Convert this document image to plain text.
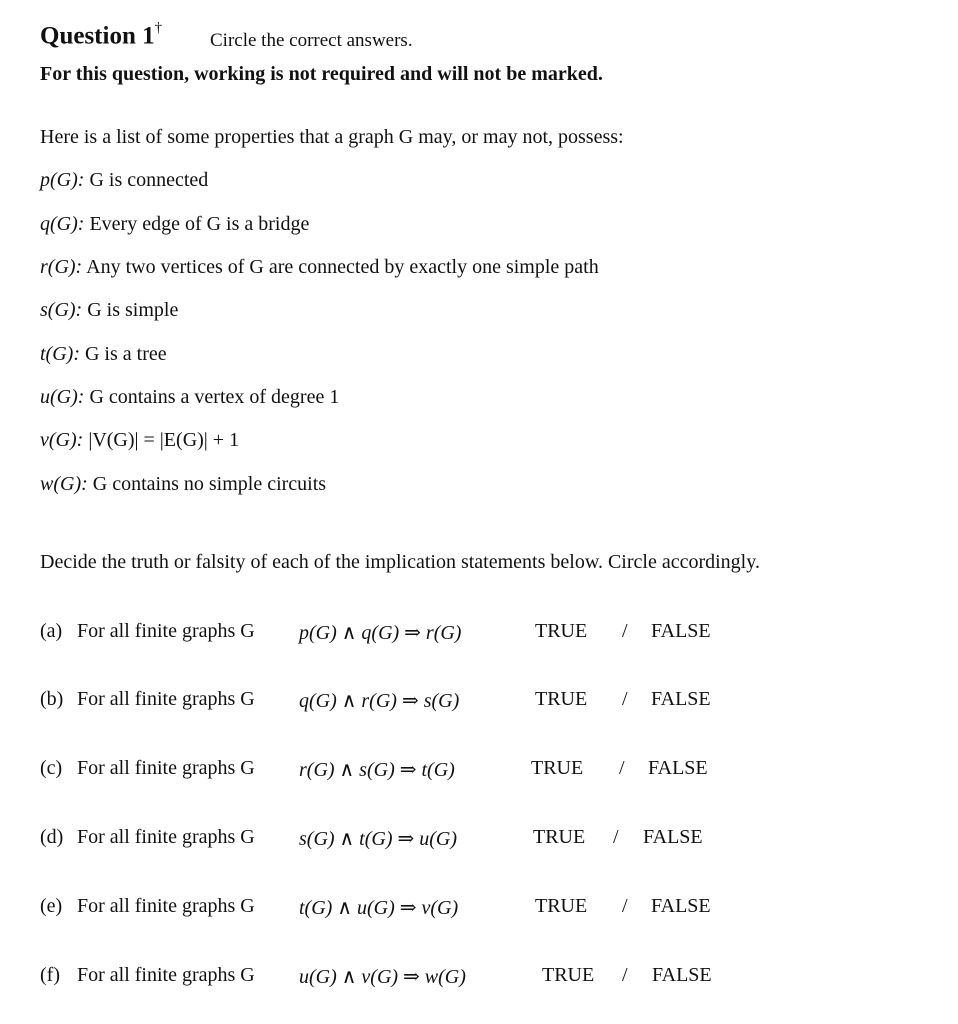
Question 1†
Circle the correct answers.
For this question, working is not required and will not be marked.
Here is a list of some properties that a graph G may, or may not, possess:
p(G): G is connected
q(G): Every edge of G is a bridge
r(G): Any two vertices of G are connected by exactly one simple path
s(G): G is simple
t(G): G is a tree
u(G): G contains a vertex of degree 1
v(G): |V(G)| = |E(G)| + 1
w(G): G contains no simple circuits
Decide the truth or falsity of each of the implication statements below. Circle accordingly.
(a) For all finite graphs G p(G) ∧ q(G) ⇒ r(G)	TRUE / FALSE
(b) For all finite graphs G q(G) ∧ r(G) ⇒ s(G)	TRUE / FALSE
(c) For all finite graphs G r(G) ∧ s(G) ⇒ t(G)	TRUE / FALSE
(d) For all finite graphs G s(G) ∧ t(G) ⇒ u(G)	TRUE / FALSE
(e) For all finite graphs G t(G) ∧ u(G) ⇒ v(G)	TRUE / FALSE
(f) For all finite graphs G u(G) ∧ v(G) ⇒ w(G)	TRUE / FALSE
